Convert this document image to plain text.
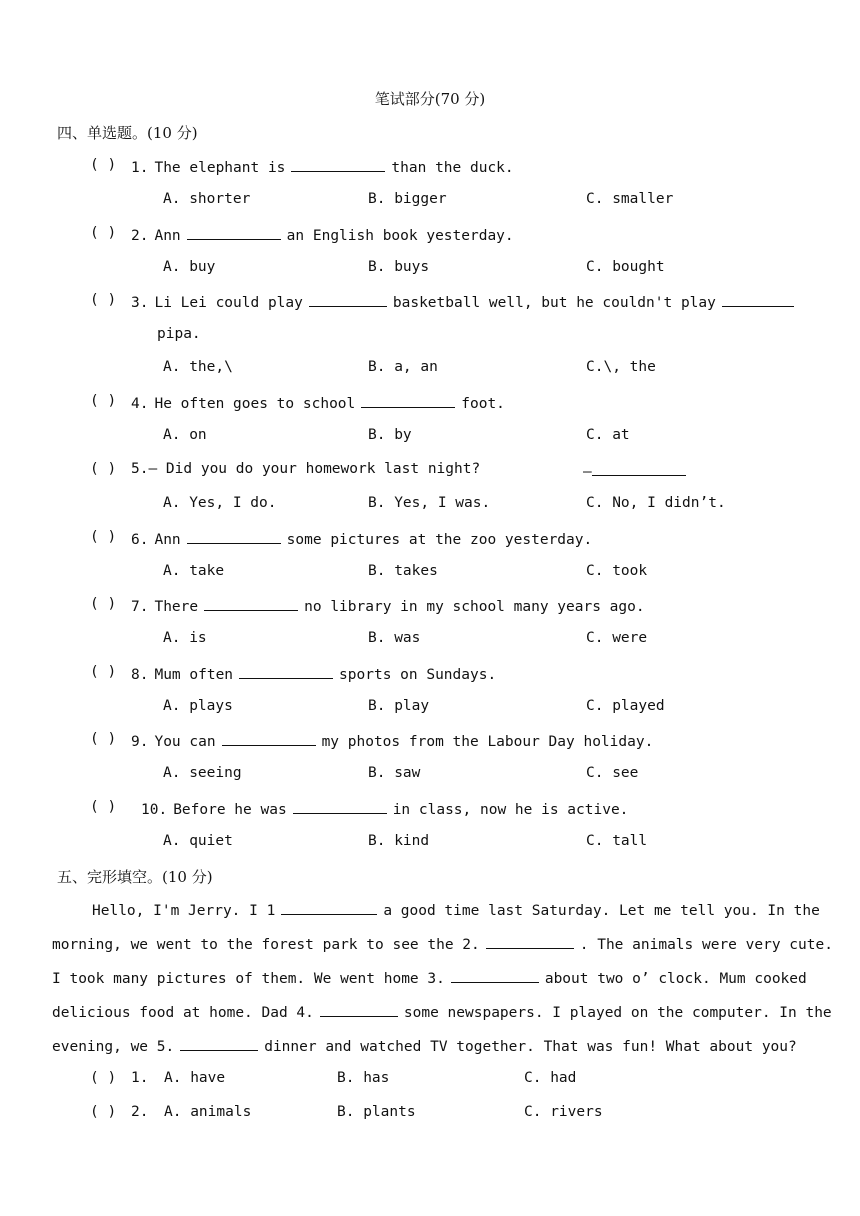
笔试部分(70 分)
四、单选题。(10 分)
( ) 1. The elephant is	than the duck.
A. shorter	B. bigger	C. smaller
( ) 2. Ann	an English book yesterday.
A. buy	B. buys	C. bought
( ) 3. Li Lei could play	basketball well, but he couldn't play
pipa.
A. the,\	B. a, an	C.\, the
( ) 4. He often goes to school	foot.
A. on	B. by	C. at
( ) 5.— Did you do your homework last night?	—
A. Yes, I do.	B. Yes, I was.	C. No, I didn’t.
( ) 6. Ann	some pictures at the zoo yesterday.
A. take	B. takes	C. took
( ) 7. There	no library in my school many years ago.
A. is	B. was	C. were
( ) 8. Mum often	sports on Sundays.
A. plays	B. play	C. played
( ) 9. You can	my photos from the Labour Day holiday.
A. seeing	B. saw	C. see
( ) 10. Before he was	in class, now he is active.
A. quiet	B. kind	C. tall
五、完形填空。(10 分)
Hello, I'm Jerry. I 1	a good time last Saturday. Let me tell you. In the
morning, we went to the forest park to see the 2.	. The animals were very cute.
I took many pictures of them. We went home 3.	about two o’ clock. Mum cooked
delicious food at home. Dad 4.	some newspapers. I played on the computer. In the
evening, we 5.	dinner and watched TV together. That was fun! What about you?
( ) 1. A. have	B. has	C. had
( ) 2. A. animals	B. plants	C. rivers
